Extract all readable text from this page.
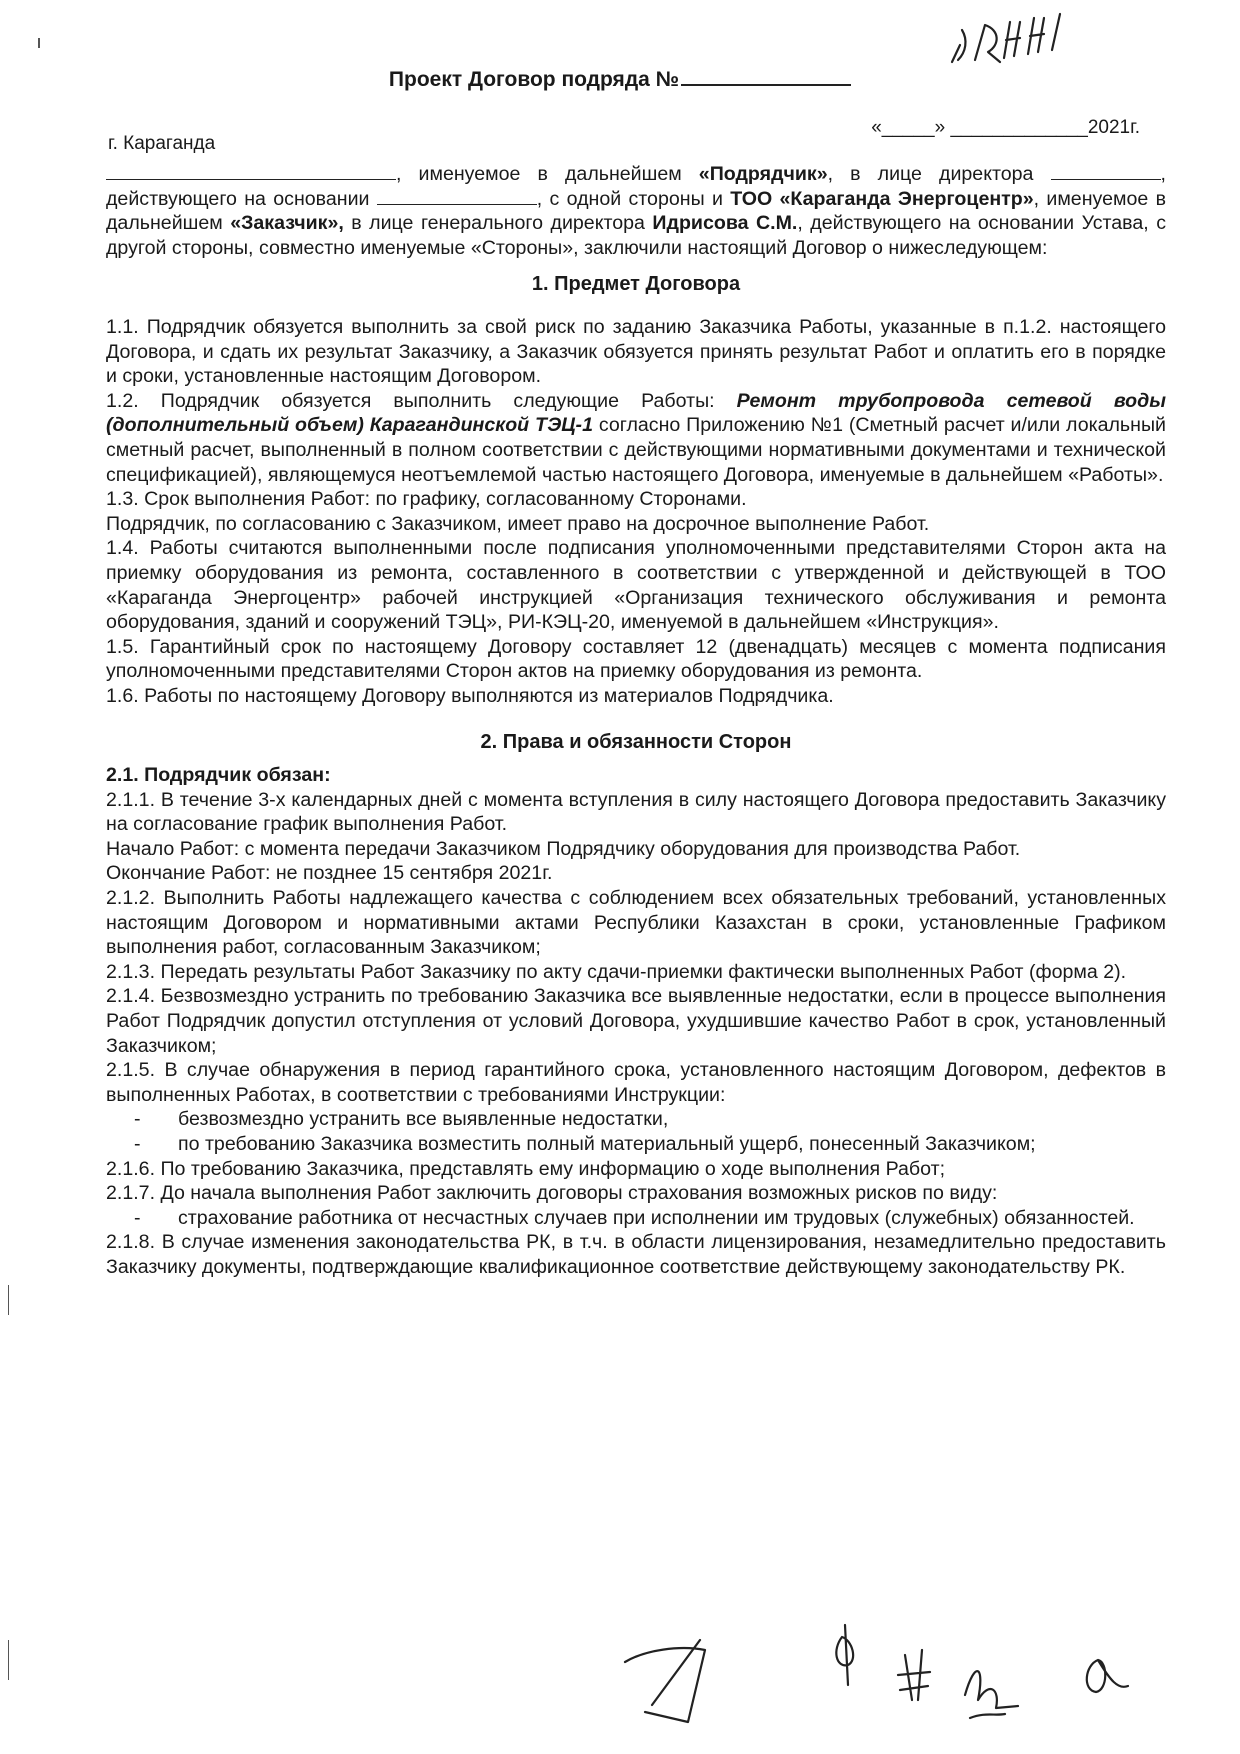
Проект Договор подряда №
«_____» _____________2021г.
г. Караганда

, именуемое в дальнейшем «Подрядчик», в лице директора	, действующего на основании	, с одной стороны и ТОО «Караганда Энергоцентр», именуемое в дальнейшем «Заказчик», в лице генерального директора Идрисова С.М., действующего на основании Устава, с другой стороны, совместно именуемые «Стороны», заключили настоящий Договор о нижеследующем:

1. Предмет Договора

1.1. Подрядчик обязуется выполнить за свой риск по заданию Заказчика Работы, указанные в п.1.2. настоящего Договора, и сдать их результат Заказчику, а Заказчик обязуется принять результат Работ и оплатить его в порядке и сроки, установленные настоящим Договором.

1.2. Подрядчик обязуется выполнить следующие Работы: Ремонт трубопровода сетевой воды (дополнительный объем) Карагандинской ТЭЦ-1 согласно Приложению №1 (Сметный расчет и/или локальный сметный расчет, выполненный в полном соответствии с действующими нормативными документами и технической спецификацией), являющемуся неотъемлемой частью настоящего Договора, именуемые в дальнейшем «Работы».

1.3. Срок выполнения Работ: по графику, согласованному Сторонами.

Подрядчик, по согласованию с Заказчиком, имеет право на досрочное выполнение Работ.

1.4. Работы считаются выполненными после подписания уполномоченными представителями Сторон акта на приемку оборудования из ремонта, составленного в соответствии с утвержденной и действующей в ТОО «Караганда Энергоцентр» рабочей инструкцией «Организация технического обслуживания и ремонта оборудования, зданий и сооружений ТЭЦ», РИ-КЭЦ-20, именуемой в дальнейшем «Инструкция».

1.5. Гарантийный срок по настоящему Договору составляет 12 (двенадцать) месяцев с момента подписания уполномоченными представителями Сторон актов на приемку оборудования из ремонта.

1.6. Работы по настоящему Договору выполняются из материалов Подрядчика.

2. Права и обязанности Сторон

2.1. Подрядчик обязан:

2.1.1. В течение 3-х календарных дней с момента вступления в силу настоящего Договора предоставить Заказчику на согласование график выполнения Работ.

Начало Работ: с момента передачи Заказчиком Подрядчику оборудования для производства Работ.

Окончание Работ: не позднее 15 сентября 2021г.

2.1.2. Выполнить Работы надлежащего качества с соблюдением всех обязательных требований, установленных настоящим Договором и нормативными актами Республики Казахстан в сроки, установленные Графиком выполнения работ, согласованным Заказчиком;

2.1.3. Передать результаты Работ Заказчику по акту сдачи-приемки фактически выполненных Работ (форма 2).

2.1.4. Безвозмездно устранить по требованию Заказчика все выявленные недостатки, если в процессе выполнения Работ Подрядчик допустил отступления от условий Договора, ухудшившие качество Работ в срок, установленный Заказчиком;

2.1.5. В случае обнаружения в период гарантийного срока, установленного настоящим Договором, дефектов в выполненных Работах, в соответствии с требованиями Инструкции:

- безвозмездно устранить все выявленные недостатки,
- по требованию Заказчика возместить полный материальный ущерб, понесенный Заказчиком;

2.1.6. По требованию Заказчика, представлять ему информацию о ходе выполнения Работ;

2.1.7. До начала выполнения Работ заключить договоры страхования возможных рисков по виду:

- страхование работника от несчастных случаев при исполнении им трудовых (служебных) обязанностей.

2.1.8. В случае изменения законодательства РК, в т.ч. в области лицензирования, незамедлительно предоставить Заказчику документы, подтверждающие квалификационное соответствие действующему законодательству РК.
